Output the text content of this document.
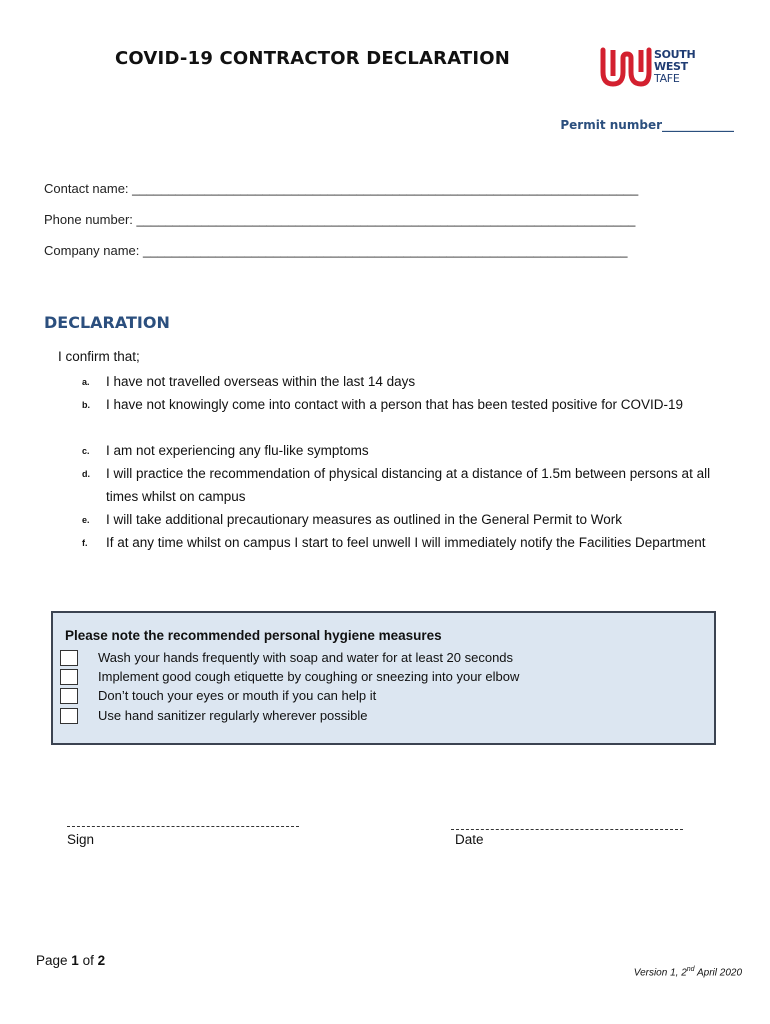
COVID-19 CONTRACTOR DECLARATION	SOUTH
WEST
TAFE
Permit number____________
Contact name: ______________________________________________________________________
Phone number: _____________________________________________________________________
Company name: ___________________________________________________________________
DECLARATION
I confirm that;
a. I have not travelled overseas within the last 14 days
b. I have not knowingly come into contact with a person that has been tested positive for COVID-19
c. I am not experiencing any flu-like symptoms
d. I will practice the recommendation of physical distancing at a distance of 1.5m between persons at all times whilst on campus
e. I will take additional precautionary measures as outlined in the General Permit to Work
f. If at any time whilst on campus I start to feel unwell I will immediately notify the Facilities Department
Please note the recommended personal hygiene measures
Wash your hands frequently with soap and water for at least 20 seconds
Implement good cough etiquette by coughing or sneezing into your elbow
Don’t touch your eyes or mouth if you can help it
Use hand sanitizer regularly wherever possible
Sign	Date
Page 1 of 2
Version 1, 2nd April 2020
